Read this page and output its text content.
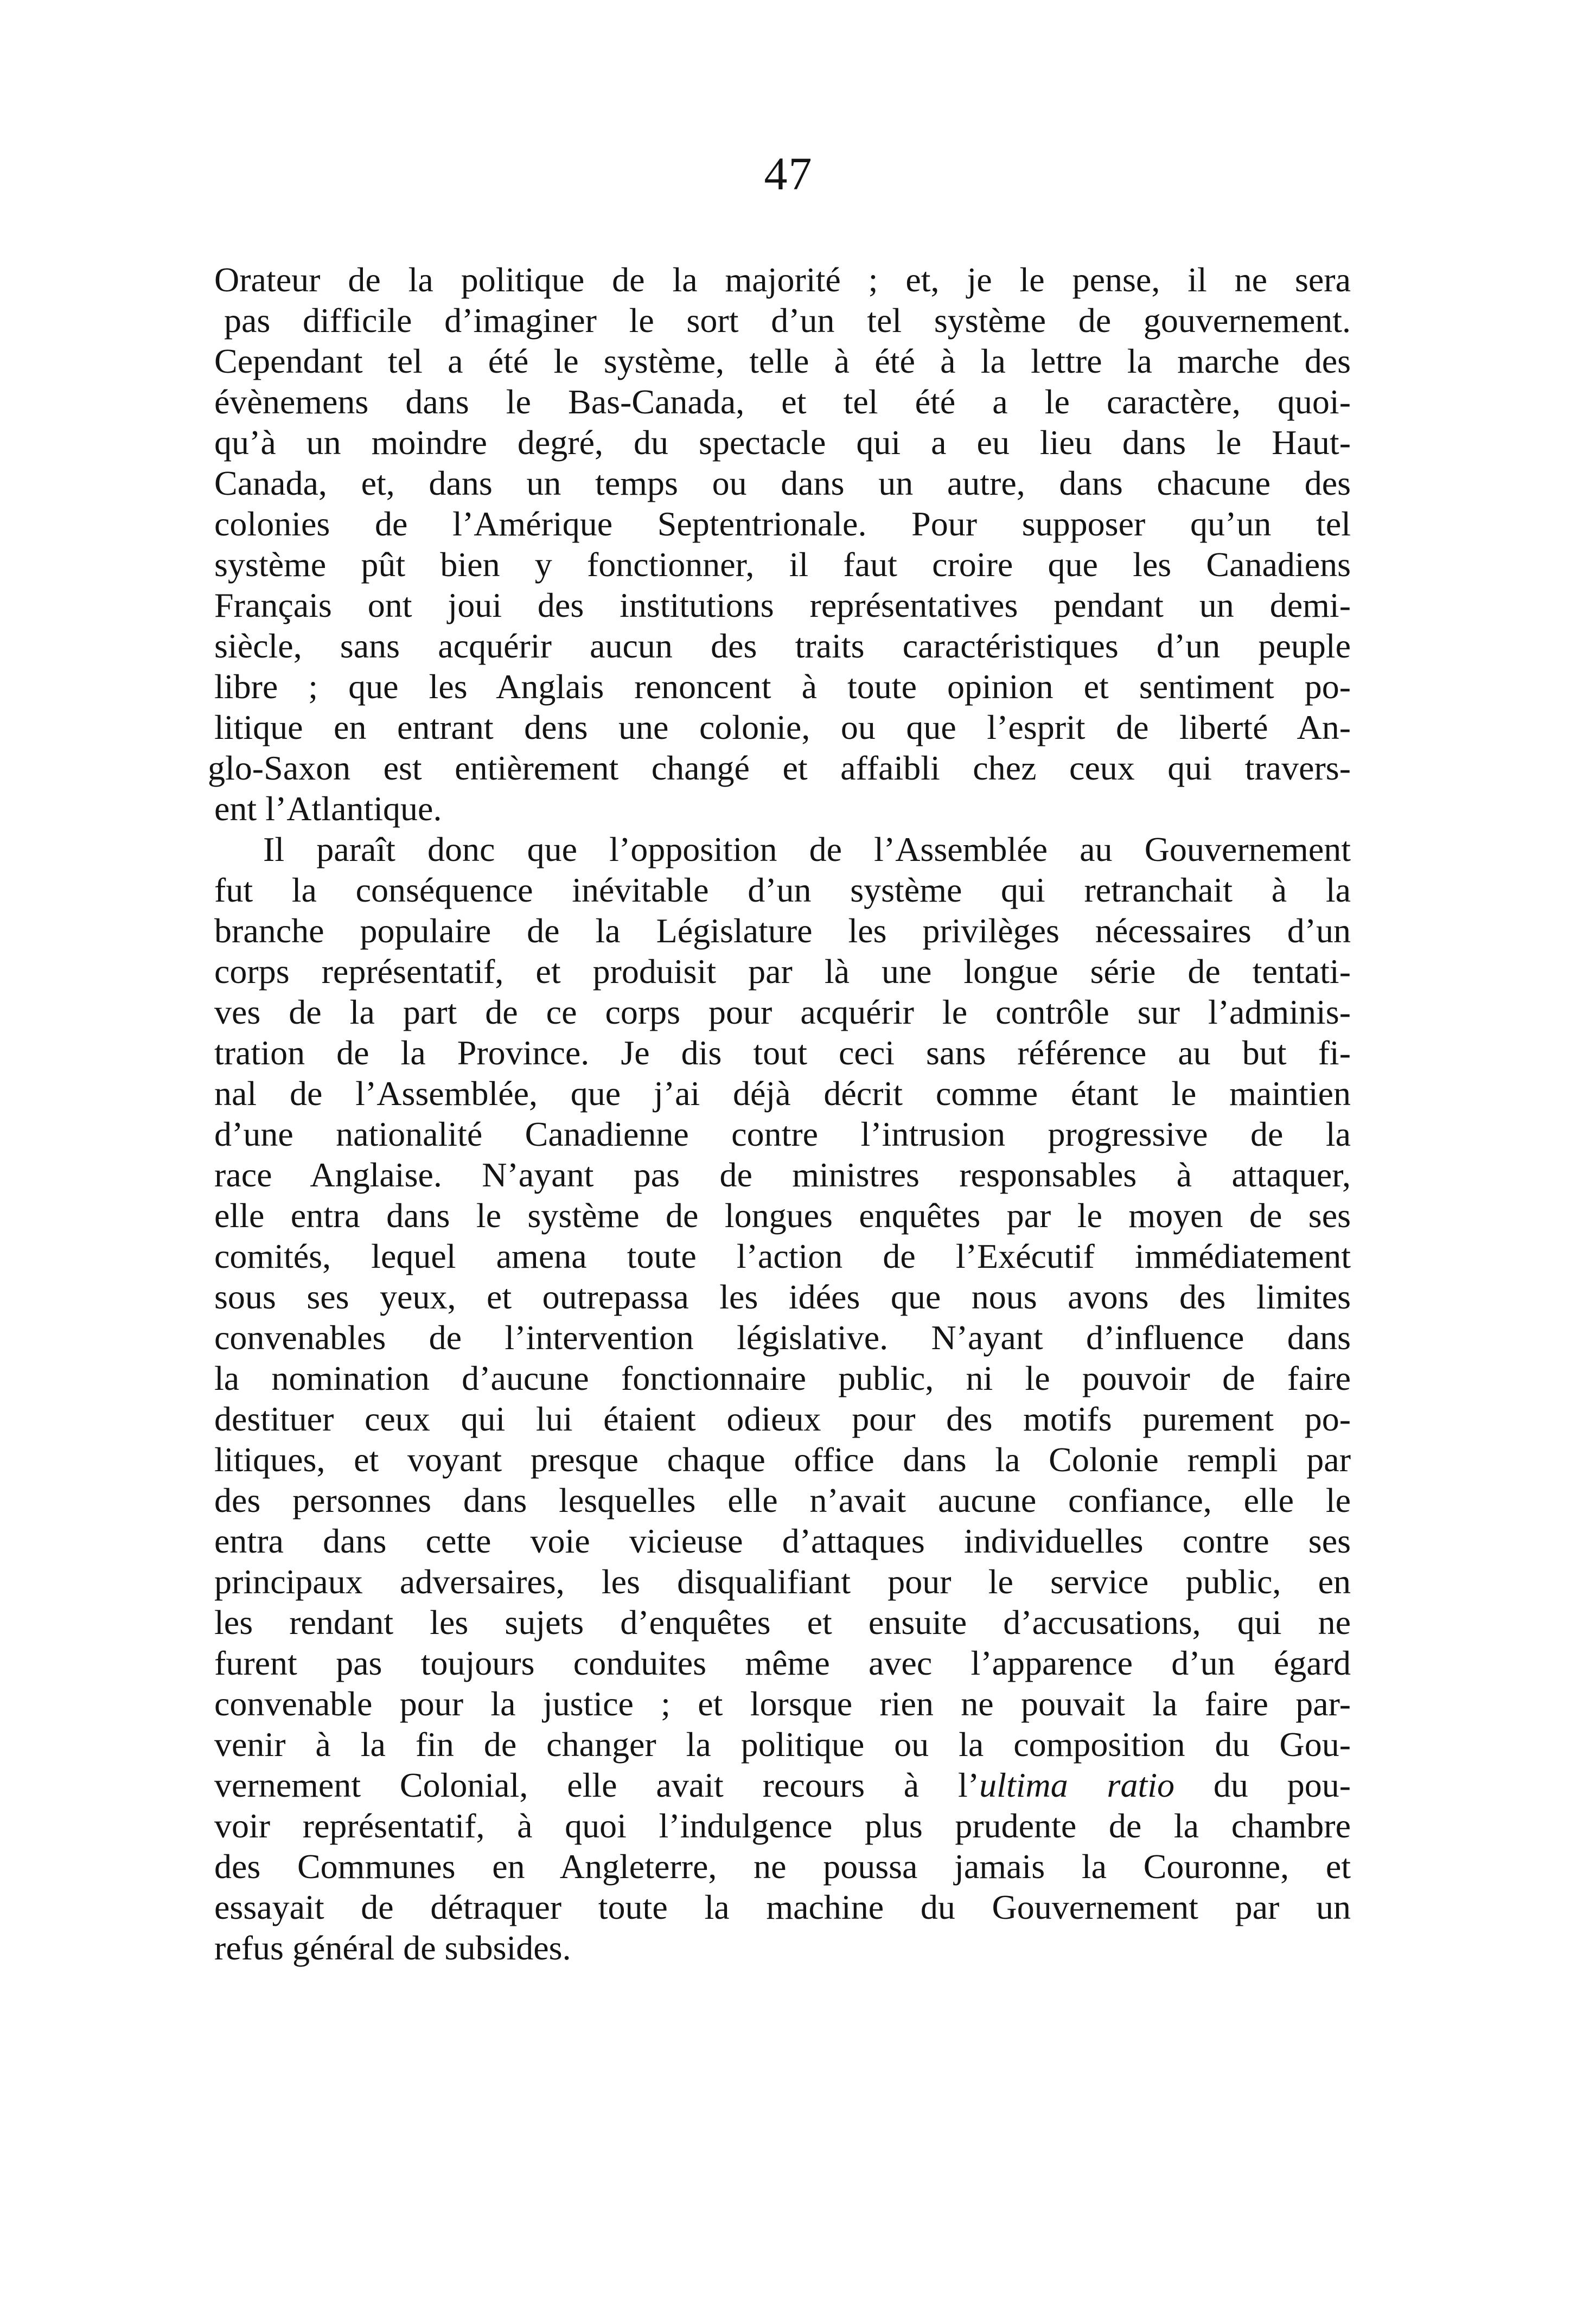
47
Orateur de la politique de la majorité ; et, je le pense, il ne sera
pas difficile d’imaginer le sort d’un tel système de gouvernement.
Cependant tel a été le système, telle à été à la lettre la marche des
évènemens dans le Bas-Canada, et tel été a le caractère, quoi-
qu’à un moindre degré, du spectacle qui a eu lieu dans le Haut-
Canada, et, dans un temps ou dans un autre, dans chacune des
colonies de l’Amérique Septentrionale. Pour supposer qu’un tel
système pût bien y fonctionner, il faut croire que les Canadiens
Français ont joui des institutions représentatives pendant un demi-
siècle, sans acquérir aucun des traits caractéristiques d’un peuple
libre ; que les Anglais renoncent à toute opinion et sentiment po-
litique en entrant dens une colonie, ou que l’esprit de liberté An-
glo-Saxon est entièrement changé et affaibli chez ceux qui travers-
ent l’Atlantique.
Il paraît donc que l’opposition de l’Assemblée au Gouvernement
fut la conséquence inévitable d’un système qui retranchait à la
branche populaire de la Législature les privilèges nécessaires d’un
corps représentatif, et produisit par là une longue série de tentati-
ves de la part de ce corps pour acquérir le contrôle sur l’adminis-
tration de la Province. Je dis tout ceci sans référence au but fi-
nal de l’Assemblée, que j’ai déjà décrit comme étant le maintien
d’une nationalité Canadienne contre l’intrusion progressive de la
race Anglaise. N’ayant pas de ministres responsables à attaquer,
elle entra dans le système de longues enquêtes par le moyen de ses
comités, lequel amena toute l’action de l’Exécutif immédiatement
sous ses yeux, et outrepassa les idées que nous avons des limites
convenables de l’intervention législative. N’ayant d’influence dans
la nomination d’aucune fonctionnaire public, ni le pouvoir de faire
destituer ceux qui lui étaient odieux pour des motifs purement po-
litiques, et voyant presque chaque office dans la Colonie rempli par
des personnes dans lesquelles elle n’avait aucune confiance, elle le
entra dans cette voie vicieuse d’attaques individuelles contre ses
principaux adversaires, les disqualifiant pour le service public, en
les rendant les sujets d’enquêtes et ensuite d’accusations, qui ne
furent pas toujours conduites même avec l’apparence d’un égard
convenable pour la justice ; et lorsque rien ne pouvait la faire par-
venir à la fin de changer la politique ou la composition du Gou-
vernement Colonial, elle avait recours à l’ultima ratio du pou-
voir représentatif, à quoi l’indulgence plus prudente de la chambre
des Communes en Angleterre, ne poussa jamais la Couronne, et
essayait de détraquer toute la machine du Gouvernement par un
refus général de subsides.
